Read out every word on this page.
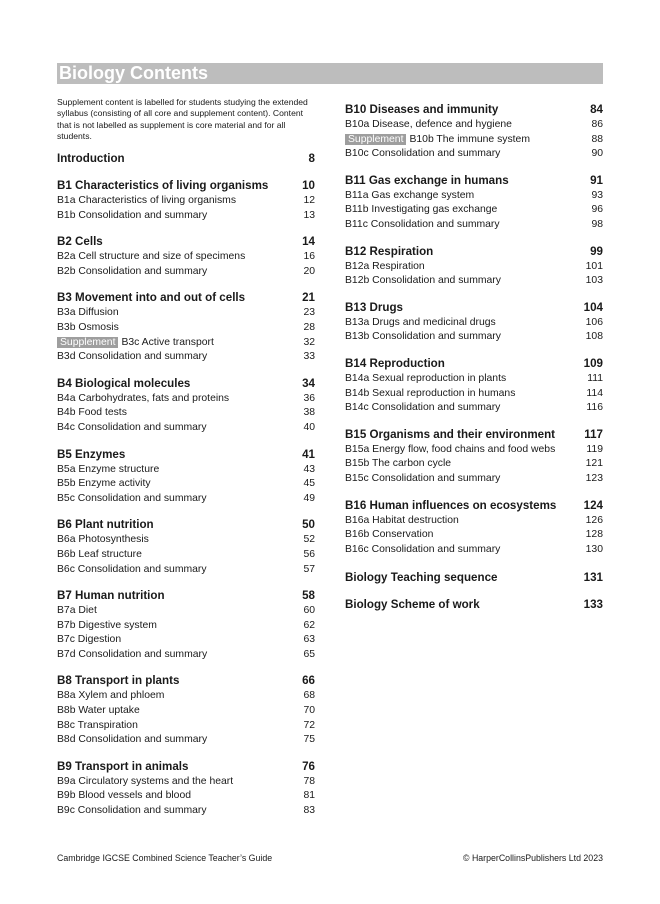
Biology Contents
Supplement content is labelled for students studying the extended syllabus (consisting of all core and supplement content). Content that is not labelled as supplement is core material and for all students.
Introduction	8
B1 Characteristics of living organisms	10
B1a Characteristics of living organisms	12
B1b Consolidation and summary	13
B2 Cells	14
B2a Cell structure and size of specimens	16
B2b Consolidation and summary	20
B3 Movement into and out of cells	21
B3a Diffusion	23
B3b Osmosis	28
Supplement B3c Active transport	32
B3d Consolidation and summary	33
B4 Biological molecules	34
B4a Carbohydrates, fats and proteins	36
B4b Food tests	38
B4c Consolidation and summary	40
B5 Enzymes	41
B5a Enzyme structure	43
B5b Enzyme activity	45
B5c Consolidation and summary	49
B6 Plant nutrition	50
B6a Photosynthesis	52
B6b Leaf structure	56
B6c Consolidation and summary	57
B7 Human nutrition	58
B7a Diet	60
B7b Digestive system	62
B7c Digestion	63
B7d Consolidation and summary	65
B8 Transport in plants	66
B8a Xylem and phloem	68
B8b Water uptake	70
B8c Transpiration	72
B8d Consolidation and summary	75
B9 Transport in animals	76
B9a Circulatory systems and the heart	78
B9b Blood vessels and blood	81
B9c Consolidation and summary	83
B10 Diseases and immunity	84
B10a Disease, defence and hygiene	86
Supplement B10b The immune system	88
B10c Consolidation and summary	90
B11 Gas exchange in humans	91
B11a Gas exchange system	93
B11b Investigating gas exchange	96
B11c Consolidation and summary	98
B12 Respiration	99
B12a Respiration	101
B12b Consolidation and summary	103
B13 Drugs	104
B13a Drugs and medicinal drugs	106
B13b Consolidation and summary	108
B14 Reproduction	109
B14a Sexual reproduction in plants	111
B14b Sexual reproduction in humans	114
B14c Consolidation and summary	116
B15 Organisms and their environment	117
B15a Energy flow, food chains and food webs	119
B15b The carbon cycle	121
B15c Consolidation and summary	123
B16 Human influences on ecosystems 124
B16a Habitat destruction	126
B16b Conservation	128
B16c Consolidation and summary	130
Biology Teaching sequence	131
Biology Scheme of work	133
Cambridge IGCSE Combined Science Teacher’s Guide	© HarperCollinsPublishers Ltd 2023
